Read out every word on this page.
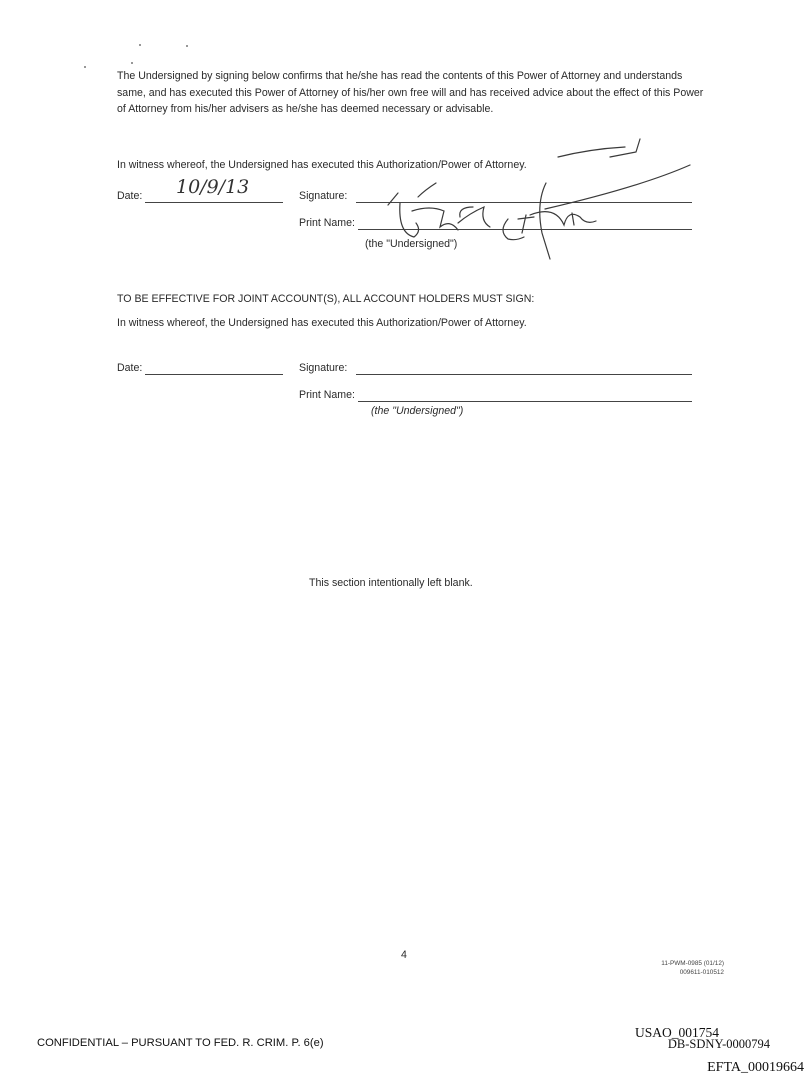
The Undersigned by signing below confirms that he/she has read the contents of this Power of Attorney and understands same, and has executed this Power of Attorney of his/her own free will and has received advice about the effect of this Power of Attorney from his/her advisers as he/she has deemed necessary or advisable.
In witness whereof, the Undersigned has executed this Authorization/Power of Attorney.
Date: 10/9/13	Signature:
Print Name:
(the "Undersigned")
TO BE EFFECTIVE FOR JOINT ACCOUNT(S), ALL ACCOUNT HOLDERS MUST SIGN:
In witness whereof, the Undersigned has executed this Authorization/Power of Attorney.
Date:	Signature:
Print Name:
(the "Undersigned")
This section intentionally left blank.
4
11-PWM-0985 (01/12)
009611-010512
CONFIDENTIAL – PURSUANT TO FED. R. CRIM. P. 6(e)
USAO_001754
DB-SDNY-0000794
EFTA_00019664
